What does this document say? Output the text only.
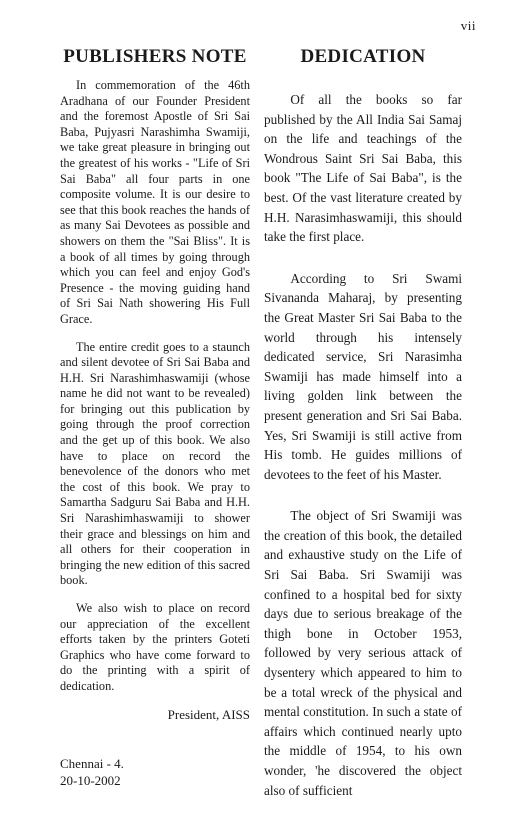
vii
PUBLISHERS NOTE

In commemoration of the 46th Aradhana of our Founder President and the foremost Apostle of Sri Sai Baba, Pujyasri Narashimha Swamiji, we take great pleasure in bringing out the greatest of his works - "Life of Sri Sai Baba" all four parts in one composite volume. It is our desire to see that this book reaches the hands of as many Sai Devotees as possible and showers on them the "Sai Bliss". It is a book of all times by going through which you can feel and enjoy God's Presence - the moving guiding hand of Sri Sai Nath showering His Full Grace.

The entire credit goes to a staunch and silent devotee of Sri Sai Baba and H.H. Sri Narashimhaswamiji (whose name he did not want to be revealed) for bringing out this publication by going through the proof correction and the get up of this book. We also have to place on record the benevolence of the donors who met the cost of this book. We pray to Samartha Sadguru Sai Baba and H.H. Sri Narashimhaswamiji to shower their grace and blessings on him and all others for their cooperation in bringing the new edition of this sacred book.

We also wish to place on record our appreciation of the excellent efforts taken by the printers Goteti Graphics who have come forward to do the printing with a spirit of dedication.

President, AISS
Chennai - 4.
20-10-2002
DEDICATION

Of all the books so far published by the All India Sai Samaj on the life and teachings of the Wondrous Saint Sri Sai Baba, this book "The Life of Sai Baba", is the best. Of the vast literature created by H.H. Narasimhaswamiji, this should take the first place.

According to Sri Swami Sivananda Maharaj, by presenting the Great Master Sri Sai Baba to the world through his intensely dedicated service, Sri Narasimha Swamiji has made himself into a living golden link between the present generation and Sri Sai Baba. Yes, Sri Swamiji is still active from His tomb. He guides millions of devotees to the feet of his Master.

The object of Sri Swamiji was the creation of this book, the detailed and exhaustive study on the Life of Sri Sai Baba. Sri Swamiji was confined to a hospital bed for sixty days due to serious breakage of the thigh bone in October 1953, followed by very serious attack of dysentery which appeared to him to be a total wreck of the physical and mental constitution. In such a state of affairs which continued nearly upto the middle of 1954, to his own wonder, 'he discovered the object also of sufficient
